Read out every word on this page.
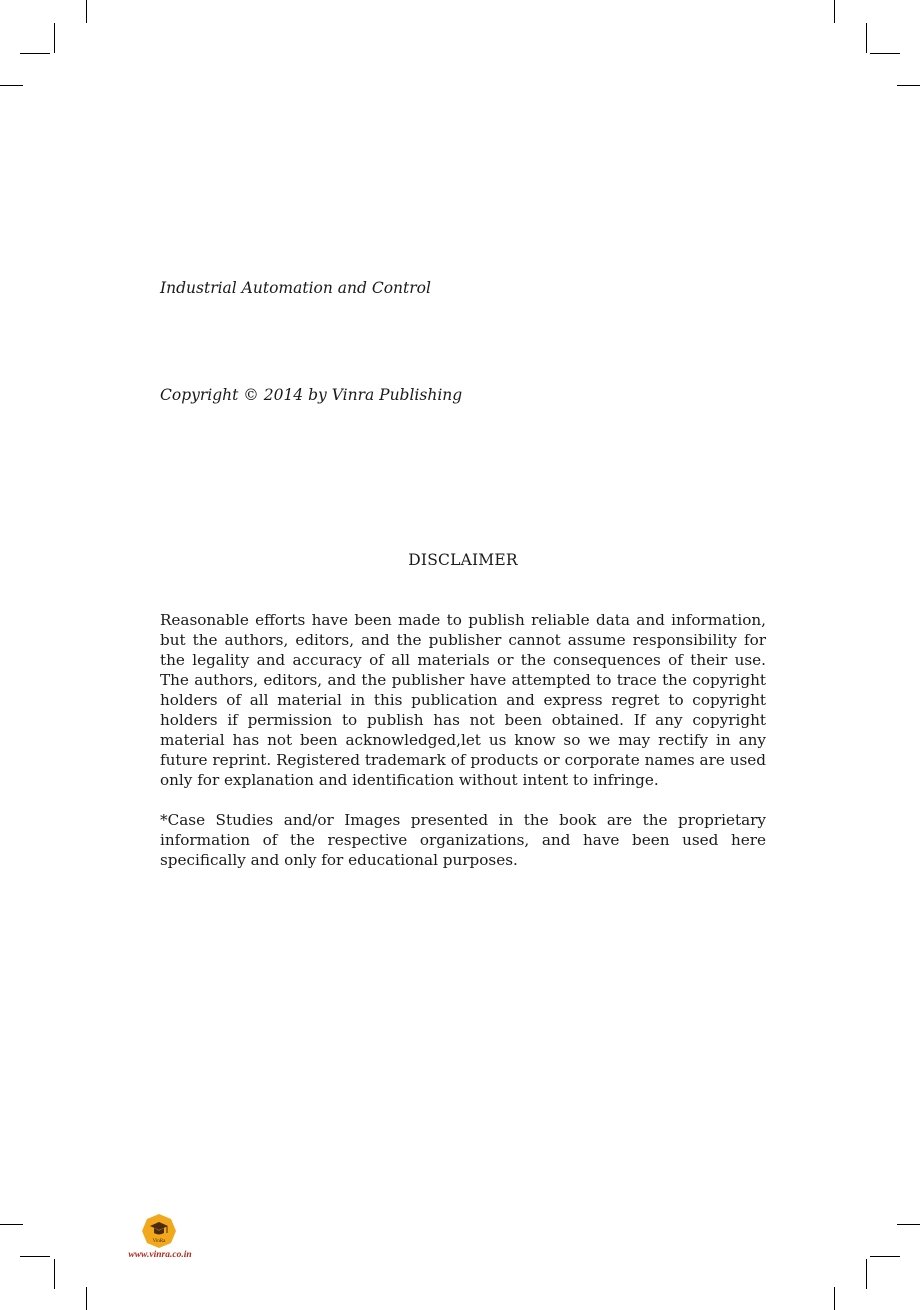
Industrial Automation and Control
Copyright © 2014 by Vinra Publishing
DISCLAIMER

Reasonable efforts have been made to publish reliable data and information, but the authors, editors, and the publisher cannot assume responsibility for the legality and accuracy of all materials or the consequences of their use. The authors, editors, and the publisher have attempted to trace the copyright holders of all material in this publication and express regret to copyright holders if permission to publish has not been obtained. If any copyright material has not been acknowledged,let us know so we may rectify in any future reprint. Registered trademark of products or corporate names are used only for explanation and identification without intent to infringe.

*Case Studies and/or Images presented in the book are the proprietary information of the respective organizations, and have been used here specifically and only for educational purposes.

VinRa
www.vinra.co.in
